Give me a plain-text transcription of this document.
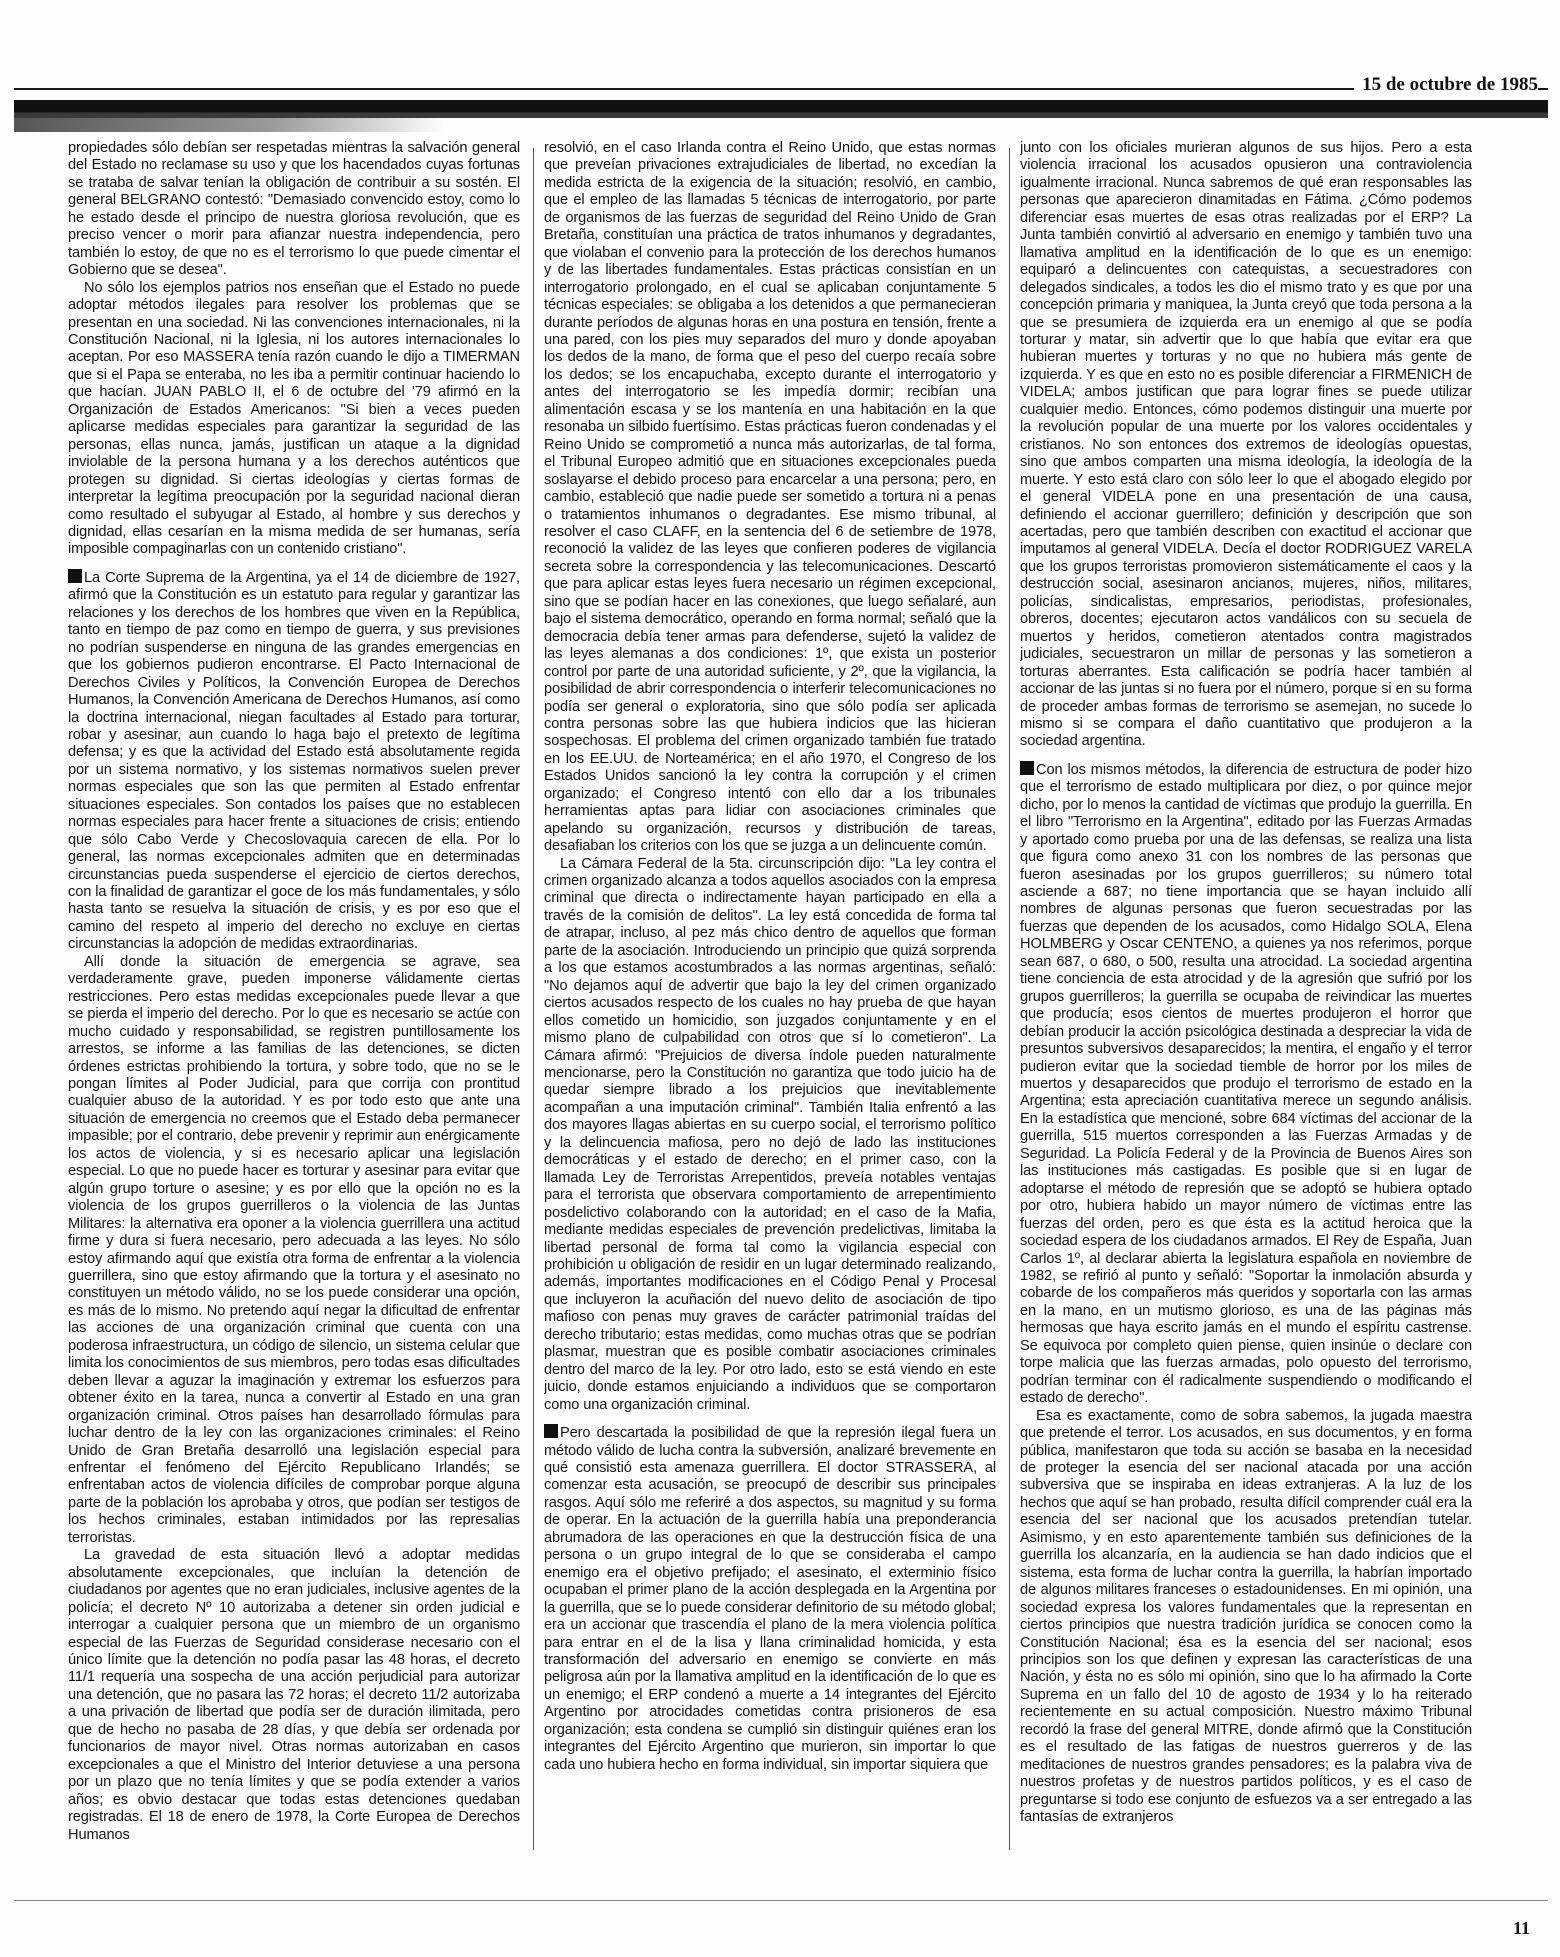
15 de octubre de 1985

propiedades sólo debían ser respetadas mientras la salvación general del Estado no reclamase su uso y que los hacendados cuyas fortunas se trataba de salvar tenían la obligación de contribuir a su sostén. El general BELGRANO contestó: "Demasiado convencido estoy, como lo he estado desde el principo de nuestra gloriosa revolución, que es preciso vencer o morir para afianzar nuestra independencia, pero también lo estoy, de que no es el terrorismo lo que puede cimentar el Gobierno que se desea".

No sólo los ejemplos patrios nos enseñan que el Estado no puede adoptar métodos ilegales para resolver los problemas que se presentan en una sociedad. Ni las convenciones internacionales, ni la Constitución Nacional, ni la Iglesia, ni los autores internacionales lo aceptan. Por eso MASSERA tenía razón cuando le dijo a TIMERMAN que si el Papa se enteraba, no les iba a permitir continuar haciendo lo que hacían. JUAN PABLO II, el 6 de octubre del '79 afirmó en la Organización de Estados Americanos: "Si bien a veces pueden aplicarse medidas especiales para garantizar la seguridad de las personas, ellas nunca, jamás, justifican un ataque a la dignidad inviolable de la persona humana y a los derechos auténticos que protegen su dignidad. Si ciertas ideologías y ciertas formas de interpretar la legítima preocupación por la seguridad nacional dieran como resultado el subyugar al Estado, al hombre y sus derechos y dignidad, ellas cesarían en la misma medida de ser humanas, sería imposible compaginarlas con un contenido cristiano".

La Corte Suprema de la Argentina, ya el 14 de diciembre de 1927, afirmó que la Constitución es un estatuto para regular y garantizar las relaciones y los derechos de los hombres que viven en la República, tanto en tiempo de paz como en tiempo de guerra, y sus previsiones no podrían suspenderse en ninguna de las grandes emergencias en que los gobiernos pudieron encontrarse. El Pacto Internacional de Derechos Civiles y Políticos, la Convención Europea de Derechos Humanos, la Convención Americana de Derechos Humanos, así como la doctrina internacional, niegan facultades al Estado para torturar, robar y asesinar, aun cuando lo haga bajo el pretexto de legítima defensa; y es que la actividad del Estado está absolutamente regida por un sistema normativo, y los sistemas normativos suelen prever normas especiales que son las que permiten al Estado enfrentar situaciones especiales. Son contados los países que no establecen normas especiales para hacer frente a situaciones de crisis; entiendo que sólo Cabo Verde y Checoslovaquia carecen de ella. Por lo general, las normas excepcionales admiten que en determinadas circunstancias pueda suspenderse el ejercicio de ciertos derechos, con la finalidad de garantizar el goce de los más fundamentales, y sólo hasta tanto se resuelva la situación de crisis, y es por eso que el camino del respeto al imperio del derecho no excluye en ciertas circunstancias la adopción de medidas extraordinarias.

Allí donde la situación de emergencia se agrave, sea verdaderamente grave, pueden imponerse válidamente ciertas restricciones. Pero estas medidas excepcionales puede llevar a que se pierda el imperio del derecho. Por lo que es necesario se actúe con mucho cuidado y responsabilidad, se registren puntillosamente los arrestos, se informe a las familias de las detenciones, se dicten órdenes estrictas prohibiendo la tortura, y sobre todo, que no se le pongan límites al Poder Judicial, para que corrija con prontitud cualquier abuso de la autoridad. Y es por todo esto que ante una situación de emergencia no creemos que el Estado deba permanecer impasible; por el contrario, debe prevenir y reprimir aun enérgicamente los actos de violencia, y si es necesario aplicar una legislación especial. Lo que no puede hacer es torturar y asesinar para evitar que algún grupo torture o asesine; y es por ello que la opción no es la violencia de los grupos guerrilleros o la violencia de las Juntas Militares: la alternativa era oponer a la violencia guerrillera una actitud firme y dura si fuera necesario, pero adecuada a las leyes. No sólo estoy afirmando aquí que existía otra forma de enfrentar a la violencia guerrillera, sino que estoy afirmando que la tortura y el asesinato no constituyen un método válido, no se los puede considerar una opción, es más de lo mismo. No pretendo aquí negar la dificultad de enfrentar las acciones de una organización criminal que cuenta con una poderosa infraestructura, un código de silencio, un sistema celular que limita los conocimientos de sus miembros, pero todas esas dificultades deben llevar a aguzar la imaginación y extremar los esfuerzos para obtener éxito en la tarea, nunca a convertir al Estado en una gran organización criminal. Otros países han desarrollado fórmulas para luchar dentro de la ley con las organizaciones criminales: el Reino Unido de Gran Bretaña desarrolló una legislación especial para enfrentar el fenómeno del Ejército Republicano Irlandés; se enfrentaban actos de violencia difíciles de comprobar porque alguna parte de la población los aprobaba y otros, que podían ser testigos de los hechos criminales, estaban intimidados por las represalias terroristas.

La gravedad de esta situación llevó a adoptar medidas absolutamente excepcionales, que incluían la detención de ciudadanos por agentes que no eran judiciales, inclusive agentes de la policía; el decreto Nº 10 autorizaba a detener sin orden judicial e interrogar a cualquier persona que un miembro de un organismo especial de las Fuerzas de Seguridad considerase necesario con el único límite que la detención no podía pasar las 48 horas, el decreto 11/1 requería una sospecha de una acción perjudicial para autorizar una detención, que no pasara las 72 horas; el decreto 11/2 autorizaba a una privación de libertad que podía ser de duración ilimitada, pero que de hecho no pasaba de 28 días, y que debía ser ordenada por funcionarios de mayor nivel. Otras normas autorizaban en casos excepcionales a que el Ministro del Interior detuviese a una persona por un plazo que no tenía límites y que se podía extender a varios años; es obvio destacar que todas estas detenciones quedaban registradas. El 18 de enero de 1978, la Corte Europea de Derechos Humanos

resolvió, en el caso Irlanda contra el Reino Unido, que estas normas que preveían privaciones extrajudiciales de libertad, no excedían la medida estricta de la exigencia de la situación; resolvió, en cambio, que el empleo de las llamadas 5 técnicas de interrogatorio, por parte de organismos de las fuerzas de seguridad del Reino Unido de Gran Bretaña, constituían una práctica de tratos inhumanos y degradantes, que violaban el convenio para la protección de los derechos humanos y de las libertades fundamentales. Estas prácticas consistían en un interrogatorio prolongado, en el cual se aplicaban conjuntamente 5 técnicas especiales: se obligaba a los detenidos a que permanecieran durante períodos de algunas horas en una postura en tensión, frente a una pared, con los pies muy separados del muro y donde apoyaban los dedos de la mano, de forma que el peso del cuerpo recaía sobre los dedos; se los encapuchaba, excepto durante el interrogatorio y antes del interrogatorio se les impedía dormir; recibían una alimentación escasa y se los mantenía en una habitación en la que resonaba un silbido fuertísimo. Estas prácticas fueron condenadas y el Reino Unido se comprometió a nunca más autorizarlas, de tal forma, el Tribunal Europeo admitió que en situaciones excepcionales pueda soslayarse el debido proceso para encarcelar a una persona; pero, en cambio, estableció que nadie puede ser sometido a tortura ni a penas o tratamientos inhumanos o degradantes. Ese mismo tribunal, al resolver el caso CLAFF, en la sentencia del 6 de setiembre de 1978, reconoció la validez de las leyes que confieren poderes de vigilancia secreta sobre la correspondencia y las telecomunicaciones. Descartó que para aplicar estas leyes fuera necesario un régimen excepcional, sino que se podían hacer en las conexiones, que luego señalaré, aun bajo el sistema democrático, operando en forma normal; señaló que la democracia debía tener armas para defenderse, sujetó la validez de las leyes alemanas a dos condiciones: 1º, que exista un posterior control por parte de una autoridad suficiente, y 2º, que la vigilancia, la posibilidad de abrir correspondencia o interferir telecomunicaciones no podía ser general o exploratoria, sino que sólo podía ser aplicada contra personas sobre las que hubiera indicios que las hicieran sospechosas. El problema del crimen organizado también fue tratado en los EE.UU. de Norteamérica; en el año 1970, el Congreso de los Estados Unidos sancionó la ley contra la corrupción y el crimen organizado; el Congreso intentó con ello dar a los tribunales herramientas aptas para lidiar con asociaciones criminales que apelando su organización, recursos y distribución de tareas, desafiaban los criterios con los que se juzga a un delincuente común.

La Cámara Federal de la 5ta. circunscripción dijo: "La ley contra el crimen organizado alcanza a todos aquellos asociados con la empresa criminal que directa o indirectamente hayan participado en ella a través de la comisión de delitos". La ley está concedida de forma tal de atrapar, incluso, al pez más chico dentro de aquellos que forman parte de la asociación. Introduciendo un principio que quizá sorprenda a los que estamos acostumbrados a las normas argentinas, señaló: "No dejamos aquí de advertir que bajo la ley del crimen organizado ciertos acusados respecto de los cuales no hay prueba de que hayan ellos cometido un homicidio, son juzgados conjuntamente y en el mismo plano de culpabilidad con otros que sí lo cometieron". La Cámara afirmó: "Prejuicios de diversa índole pueden naturalmente mencionarse, pero la Constitución no garantiza que todo juicio ha de quedar siempre librado a los prejuicios que inevitablemente acompañan a una imputación criminal". También Italia enfrentó a las dos mayores llagas abiertas en su cuerpo social, el terrorismo político y la delincuencia mafiosa, pero no dejó de lado las instituciones democráticas y el estado de derecho; en el primer caso, con la llamada Ley de Terroristas Arrepentidos, preveía notables ventajas para el terrorista que observara comportamiento de arrepentimiento posdelictivo colaborando con la autoridad; en el caso de la Mafia, mediante medidas especiales de prevención predelictivas, limitaba la libertad personal de forma tal como la vigilancia especial con prohibición u obligación de residir en un lugar determinado realizando, además, importantes modificaciones en el Código Penal y Procesal que incluyeron la acuñación del nuevo delito de asociación de tipo mafioso con penas muy graves de carácter patrimonial traídas del derecho tributario; estas medidas, como muchas otras que se podrían plasmar, muestran que es posible combatir asociaciones criminales dentro del marco de la ley. Por otro lado, esto se está viendo en este juicio, donde estamos enjuiciando a individuos que se comportaron como una organización criminal.

Pero descartada la posibilidad de que la represión ilegal fuera un método válido de lucha contra la subversión, analizaré brevemente en qué consistió esta amenaza guerrillera. El doctor STRASSERA, al comenzar esta acusación, se preocupó de describir sus principales rasgos. Aquí sólo me referiré a dos aspectos, su magnitud y su forma de operar. En la actuación de la guerrilla había una preponderancia abrumadora de las operaciones en que la destrucción física de una persona o un grupo integral de lo que se consideraba el campo enemigo era el objetivo prefijado; el asesinato, el exterminio físico ocupaban el primer plano de la acción desplegada en la Argentina por la guerrilla, que se lo puede considerar definitorio de su método global; era un accionar que trascendía el plano de la mera violencia política para entrar en el de la lisa y llana criminalidad homicida, y esta transformación del adversario en enemigo se convierte en más peligrosa aún por la llamativa amplitud en la identificación de lo que es un enemigo; el ERP condenó a muerte a 14 integrantes del Ejército Argentino por atrocidades cometidas contra prisioneros de esa organización; esta condena se cumplió sin distinguir quiénes eran los integrantes del Ejército Argentino que murieron, sin importar lo que cada uno hubiera hecho en forma individual, sin importar siquiera que

junto con los oficiales murieran algunos de sus hijos. Pero a esta violencia irracional los acusados opusieron una contraviolencia igualmente irracional. Nunca sabremos de qué eran responsables las personas que aparecieron dinamitadas en Fátima. ¿Cómo podemos diferenciar esas muertes de esas otras realizadas por el ERP? La Junta también convirtió al adversario en enemigo y también tuvo una llamativa amplitud en la identificación de lo que es un enemigo: equiparó a delincuentes con catequistas, a secuestradores con delegados sindicales, a todos les dio el mismo trato y es que por una concepción primaria y maniquea, la Junta creyó que toda persona a la que se presumiera de izquierda era un enemigo al que se podía torturar y matar, sin advertir que lo que había que evitar era que hubieran muertes y torturas y no que no hubiera más gente de izquierda. Y es que en esto no es posible diferenciar a FIRMENICH de VIDELA; ambos justifican que para lograr fines se puede utilizar cualquier medio. Entonces, cómo podemos distinguir una muerte por la revolución popular de una muerte por los valores occidentales y cristianos. No son entonces dos extremos de ideologías opuestas, sino que ambos comparten una misma ideología, la ideología de la muerte. Y esto está claro con sólo leer lo que el abogado elegido por el general VIDELA pone en una presentación de una causa, definiendo el accionar guerrillero; definición y descripción que son acertadas, pero que también describen con exactitud el accionar que imputamos al general VIDELA. Decía el doctor RODRIGUEZ VARELA que los grupos terroristas promovieron sistemáticamente el caos y la destrucción social, asesinaron ancianos, mujeres, niños, militares, policías, sindicalistas, empresarios, periodistas, profesionales, obreros, docentes; ejecutaron actos vandálicos con su secuela de muertos y heridos, cometieron atentados contra magistrados judiciales, secuestraron un millar de personas y las sometieron a torturas aberrantes. Esta calificación se podría hacer también al accionar de las juntas si no fuera por el número, porque si en su forma de proceder ambas formas de terrorismo se asemejan, no sucede lo mismo si se compara el daño cuantitativo que produjeron a la sociedad argentina.

Con los mismos métodos, la diferencia de estructura de poder hizo que el terrorismo de estado multiplicara por diez, o por quince mejor dicho, por lo menos la cantidad de víctimas que produjo la guerrilla. En el libro "Terrorismo en la Argentina", editado por las Fuerzas Armadas y aportado como prueba por una de las defensas, se realiza una lista que figura como anexo 31 con los nombres de las personas que fueron asesinadas por los grupos guerrilleros; su número total asciende a 687; no tiene importancia que se hayan incluido allí nombres de algunas personas que fueron secuestradas por las fuerzas que dependen de los acusados, como Hidalgo SOLA, Elena HOLMBERG y Oscar CENTENO, a quienes ya nos referimos, porque sean 687, o 680, o 500, resulta una atrocidad. La sociedad argentina tiene conciencia de esta atrocidad y de la agresión que sufrió por los grupos guerrilleros; la guerrilla se ocupaba de reivindicar las muertes que producía; esos cientos de muertes produjeron el horror que debían producir la acción psicológica destinada a despreciar la vida de presuntos subversivos desaparecidos; la mentira, el engaño y el terror pudieron evitar que la sociedad tiemble de horror por los miles de muertos y desaparecidos que produjo el terrorismo de estado en la Argentina; esta apreciación cuantitativa merece un segundo análisis. En la estadística que mencioné, sobre 684 víctimas del accionar de la guerrilla, 515 muertos corresponden a las Fuerzas Armadas y de Seguridad. La Policía Federal y de la Provincia de Buenos Aires son las instituciones más castigadas. Es posible que si en lugar de adoptarse el método de represión que se adoptó se hubiera optado por otro, hubiera habido un mayor número de víctimas entre las fuerzas del orden, pero es que ésta es la actitud heroica que la sociedad espera de los ciudadanos armados. El Rey de España, Juan Carlos 1º, al declarar abierta la legislatura española en noviembre de 1982, se refirió al punto y señaló: "Soportar la inmolación absurda y cobarde de los compañeros más queridos y soportarla con las armas en la mano, en un mutismo glorioso, es una de las páginas más hermosas que haya escrito jamás en el mundo el espíritu castrense. Se equivoca por completo quien piense, quien insinúe o declare con torpe malicia que las fuerzas armadas, polo opuesto del terrorismo, podrían terminar con él radicalmente suspendiendo o modificando el estado de derecho".

Esa es exactamente, como de sobra sabemos, la jugada maestra que pretende el terror. Los acusados, en sus documentos, y en forma pública, manifestaron que toda su acción se basaba en la necesidad de proteger la esencia del ser nacional atacada por una acción subversiva que se inspiraba en ideas extranjeras. A la luz de los hechos que aquí se han probado, resulta difícil comprender cuál era la esencia del ser nacional que los acusados pretendían tutelar. Asimismo, y en esto aparentemente también sus definiciones de la guerrilla los alcanzaría, en la audiencia se han dado indicios que el sistema, esta forma de luchar contra la guerrilla, la habrían importado de algunos militares franceses o estadounidenses. En mi opinión, una sociedad expresa los valores fundamentales que la representan en ciertos principios que nuestra tradición jurídica se conocen como la Constitución Nacional; ésa es la esencia del ser nacional; esos principios son los que definen y expresan las características de una Nación, y ésta no es sólo mi opinión, sino que lo ha afirmado la Corte Suprema en un fallo del 10 de agosto de 1934 y lo ha reiterado recientemente en su actual composición. Nuestro máximo Tribunal recordó la frase del general MITRE, donde afirmó que la Constitución es el resultado de las fatigas de nuestros guerreros y de las meditaciones de nuestros grandes pensadores; es la palabra viva de nuestros profetas y de nuestros partidos políticos, y es el caso de preguntarse si todo ese conjunto de esfuezos va a ser entregado a las fantasías de extranjeros

11
